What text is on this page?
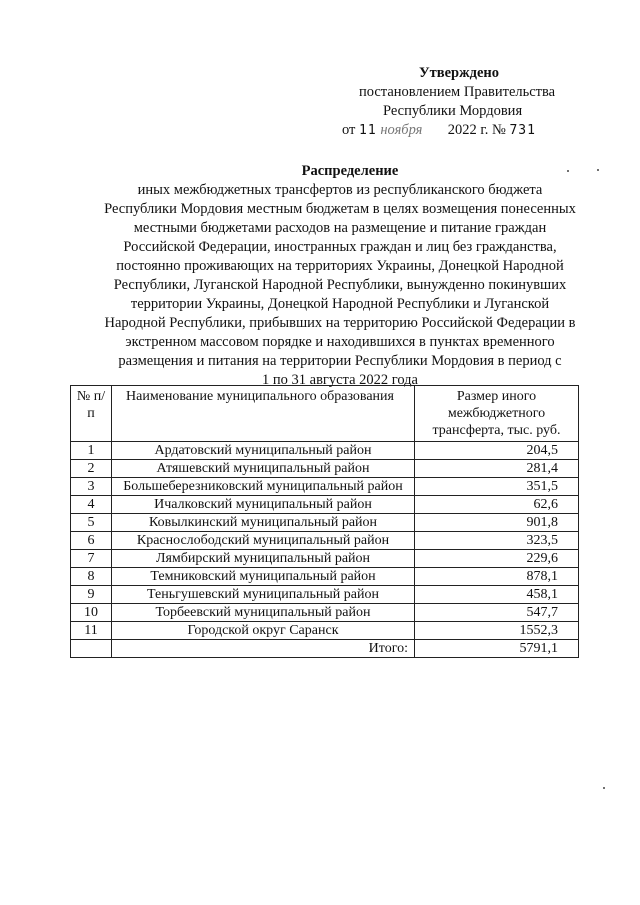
Утверждено
постановлением Правительства
Республики Мордовия
от 11 ноября 2022 г. № 731

Распределение

иных межбюджетных трансфертов из республиканского бюджета

Республики Мордовия местным бюджетам в целях возмещения понесенных

местными бюджетами расходов на размещение и питание граждан

Российской Федерации, иностранных граждан и лиц без гражданства,

постоянно проживающих на территориях Украины, Донецкой Народной

Республики, Луганской Народной Республики, вынужденно покинувших

территории Украины, Донецкой Народной Республики и Луганской

Народной Республики, прибывших на территорию Российской Федерации в

экстренном массовом порядке и находившихся в пунктах временного

размещения и питания на территории Республики Мордовия в период с

1 по 31 августа 2022 года

№ п/п	Наименование муниципального образования	Размер иного межбюджетного трансферта, тыс. руб.
1	Ардатовский муниципальный район	204,5
2	Атяшевский муниципальный район	281,4
3	Большеберезниковский муниципальный район	351,5
4	Ичалковский муниципальный район	62,6
5	Ковылкинский муниципальный район	901,8
6	Краснослободский муниципальный район	323,5
7	Лямбирский муниципальный район	229,6
8	Темниковский муниципальный район	878,1
9	Теньгушевский муниципальный район	458,1
10	Торбеевский муниципальный район	547,7
11	Городской округ Саранск	1552,3
	Итого:	5791,1
